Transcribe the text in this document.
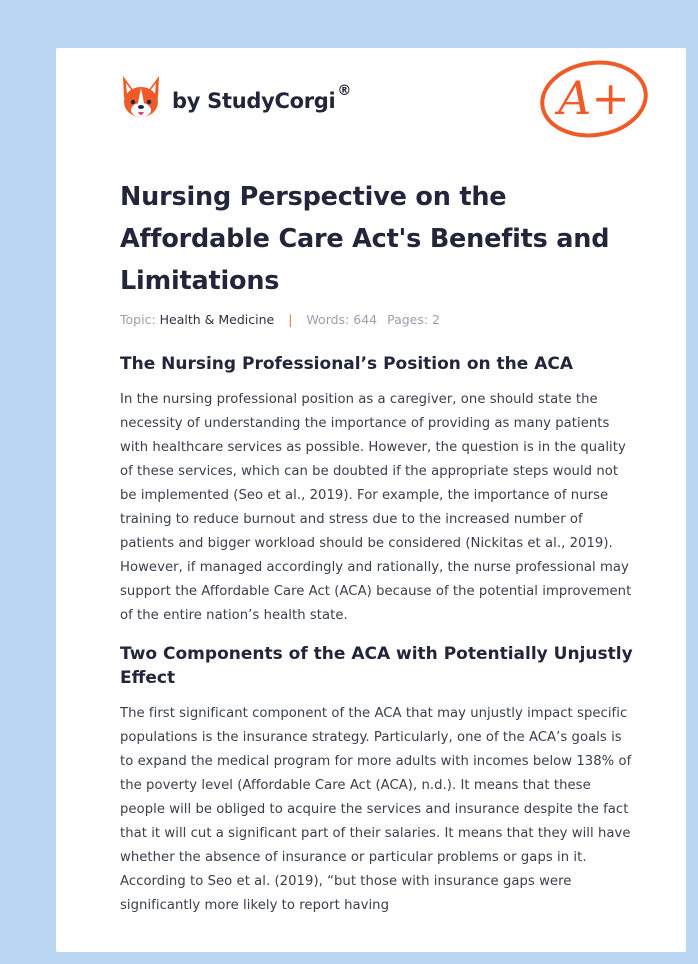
by StudyCorgi ®	A+
Nursing Perspective on the Affordable Care Act's Benefits and Limitations
Topic: Health & Medicine | Words: 644 Pages: 2
The Nursing Professional’s Position on the ACA

In the nursing professional position as a caregiver, one should state the necessity of understanding the importance of providing as many patients with healthcare services as possible. However, the question is in the quality of these services, which can be doubted if the appropriate steps would not be implemented (Seo et al., 2019). For example, the importance of nurse training to reduce burnout and stress due to the increased number of patients and bigger workload should be considered (Nickitas et al., 2019). However, if managed accordingly and rationally, the nurse professional may support the Affordable Care Act (ACA) because of the potential improvement of the entire nation’s health state.

Two Components of the ACA with Potentially Unjustly Effect

The first significant component of the ACA that may unjustly impact specific populations is the insurance strategy. Particularly, one of the ACA’s goals is to expand the medical program for more adults with incomes below 138% of the poverty level (Affordable Care Act (ACA), n.d.). It means that these people will be obliged to acquire the services and insurance despite the fact that it will cut a significant part of their salaries. It means that they will have whether the absence of insurance or particular problems or gaps in it. According to Seo et al. (2019), “but those with insurance gaps were significantly more likely to report having
